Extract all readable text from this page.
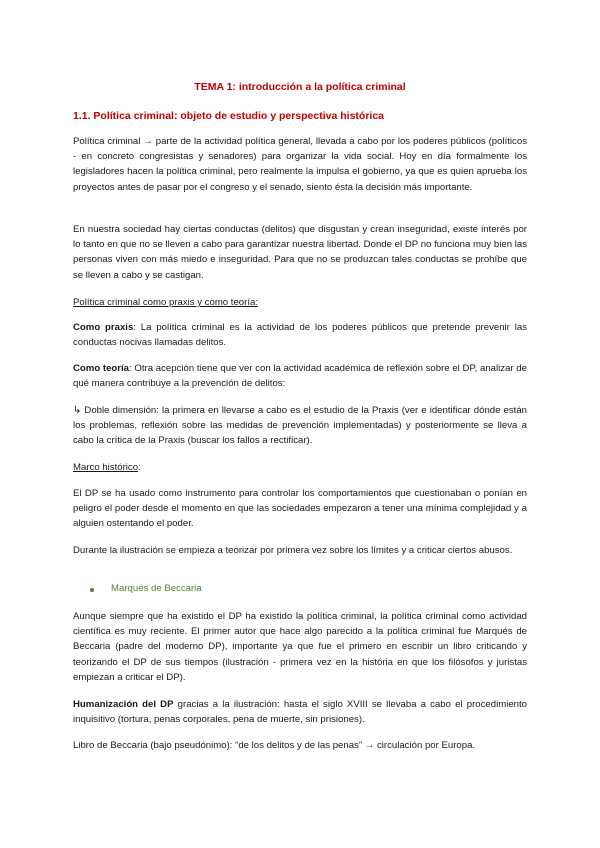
TEMA 1: introducción a la política criminal
1.1. Política criminal: objeto de estudio y perspectiva histórica

Política criminal → parte de la actividad política general, llevada a cabo por los poderes públicos (políticos - en concreto congresistas y senadores) para organizar la vida social. Hoy en día formalmente los legisladores hacen la política criminal, pero realmente la impulsa el gobierno, ya que es quien aprueba los proyectos antes de pasar por el congreso y el senado, siento ésta la decisión más importante.

En nuestra sociedad hay ciertas conductas (delitos) que disgustan y crean inseguridad, existe interés por lo tanto en que no se lleven a cabo para garantizar nuestra libertad. Donde el DP no funciona muy bien las personas viven con más miedo e inseguridad. Para que no se produzcan tales conductas se prohíbe que se lleven a cabo y se castigan.

Política criminal como praxis y como teoría:

Como praxis: La política criminal es la actividad de los poderes públicos que pretende prevenir las conductas nocivas llamadas delitos.

Como teoría: Otra acepción tiene que ver con la actividad académica de reflexión sobre el DP, analizar de qué manera contribuye a la prevención de delitos:

↳ Doble dimensión: la primera en llevarse a cabo es el estudio de la Praxis (ver e identificar dónde están los problemas, reflexión sobre las medidas de prevención implementadas) y posteriormente se lleva a cabo la crítica de la Praxis (buscar los fallos a rectificar).

Marco histórico:

El DP se ha usado como instrumento para controlar los comportamientos que cuestionaban o ponían en peligro el poder desde el momento en que las sociedades empezaron a tener una mínima complejidad y a alguien ostentando el poder.

Durante la ilustración se empieza a teorizar por primera vez sobre los límites y a criticar ciertos abusos.

Marqués de Beccaria

Aunque siempre que ha existido el DP ha existido la política criminal, la política criminal como actividad científica es muy reciente. El primer autor que hace algo parecido a la política criminal fue Marqués de Beccaria (padre del moderno DP), importante ya que fue el primero en escribir un libro criticando y teorizando el DP de sus tiempos (ilustración - primera vez en la história en que los filósofos y juristas empiezan a criticar el DP).

Humanización del DP gracias a la ilustración: hasta el siglo XVIII se llevaba a cabo el procedimiento inquisitivo (tortura, penas corporales, pena de muerte, sin prisiones).

Libro de Beccaria (bajo pseudónimo): “de los delitos y de las penas” → circulación por Europa.
